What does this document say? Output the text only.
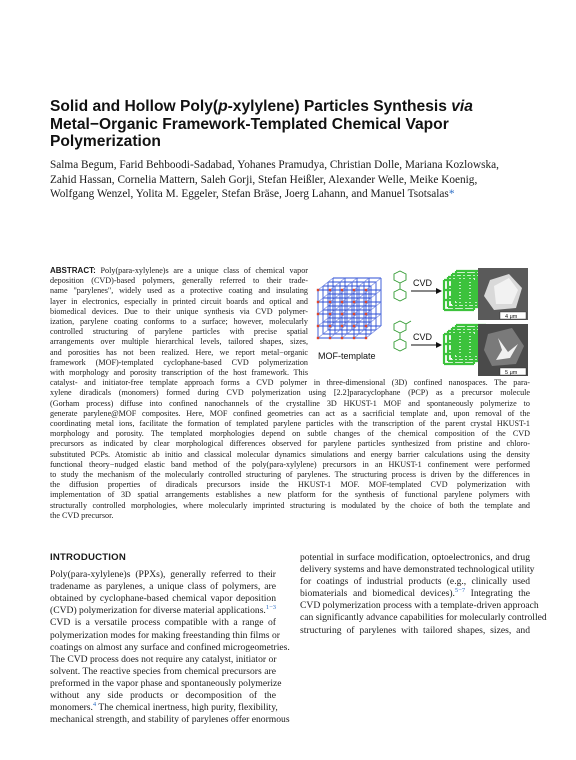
Solid and Hollow Poly(p-xylylene) Particles Synthesis via
Metal−Organic Framework-Templated Chemical Vapor
Polymerization
Salma Begum, Farid Behboodi-Sadabad, Yohanes Pramudya, Christian Dolle, Mariana Kozlowska,
Zahid Hassan, Cornelia Mattern, Saleh Gorji, Stefan Heißler, Alexander Welle, Meike Koenig,
Wolfgang Wenzel, Yolita M. Eggeler, Stefan Bräse, Joerg Lahann, and Manuel Tsotsalas*
ABSTRACT: Poly(para-xylylene)s are a unique class of chemical vapor
deposition (CVD)-based polymers, generally referred to their trade-
name "parylenes", widely used as a protective coating and insulating
layer in electronics, especially in printed circuit boards and optical and
biomedical devices. Due to their unique synthesis via CVD polymer-
ization, parylene coating conforms to a surface; however, molecularly
controlled structuring of parylene particles with precise spatial
arrangements over multiple hierarchical levels, tailored shapes, sizes,
and porosities has not been realized. Here, we report metal−organic
framework (MOF)-templated cyclophane-based CVD polymerization
with morphology and porosity transcription of the host framework. This
catalyst- and initiator-free template approach forms a CVD polymer in three-dimensional (3D) confined nanospaces. The para-
xylene diradicals (monomers) formed during CVD polymerization using [2.2]paracyclophane (PCP) as a precursor molecule
(Gorham process) diffuse into confined nanochannels of the crystalline 3D HKUST-1 MOF and spontaneously polymerize to
generate parylene@MOF composites. Here, MOF confined geometries can act as a sacrificial template and, upon removal of the
coordinating metal ions, facilitate the formation of templated parylene particles with the transcription of the parent crystal HKUST-1
morphology and porosity. The templated morphologies depend on subtle changes of the chemical composition of the CVD
precursors as indicated by clear morphological differences observed for parylene particles synthesized from pristine and chloro-
substituted PCPs. Atomistic ab initio and classical molecular dynamics simulations and energy barrier calculations using the density
functional theory−nudged elastic band method of the poly(para-xylylene) precursors in an HKUST-1 confinement were performed
to study the mechanism of the molecularly controlled structuring of parylenes. The structuring process is driven by the differences in
the diffusion properties of diradicals precursors inside the HKUST-1 MOF. MOF-templated CVD polymerization with
implementation of 3D spatial arrangements establishes a new platform for the synthesis of functional parylene polymers with
structurally controlled morphologies, where molecularly imprinted structuring is modulated by the choice of both the template and
the CVD precursor.
MOF-template
CVD
CVD
4 μm
5 μm
INTRODUCTION
Poly(para-xylylene)s (PPXs), generally referred to their
tradename as parylenes, a unique class of polymers, are
obtained by cyclophane-based chemical vapor deposition
(CVD) polymerization for diverse material applications.$^{1-3}$
CVD is a versatile process compatible with a range of
polymerization modes for making freestanding thin films or
coatings on almost any surface and confined microgeometries.
The CVD process does not require any catalyst, initiator or
solvent. The reactive species from chemical precursors are
preformed in the vapor phase and spontaneously polymerize
without any side products or decomposition of the
monomers.$^4$ The chemical inertness, high purity, flexibility,
mechanical strength, and stability of parylenes offer enormous
potential in surface modification, optoelectronics, and drug
delivery systems and have demonstrated technological utility
for coatings of industrial products (e.g., clinically used
biomaterials and biomedical devices).$^{5-7}$ Integrating the
CVD polymerization process with a template-driven approach
can significantly advance capabilities for molecularly controlled
structuring of parylenes with tailored shapes, sizes, and
